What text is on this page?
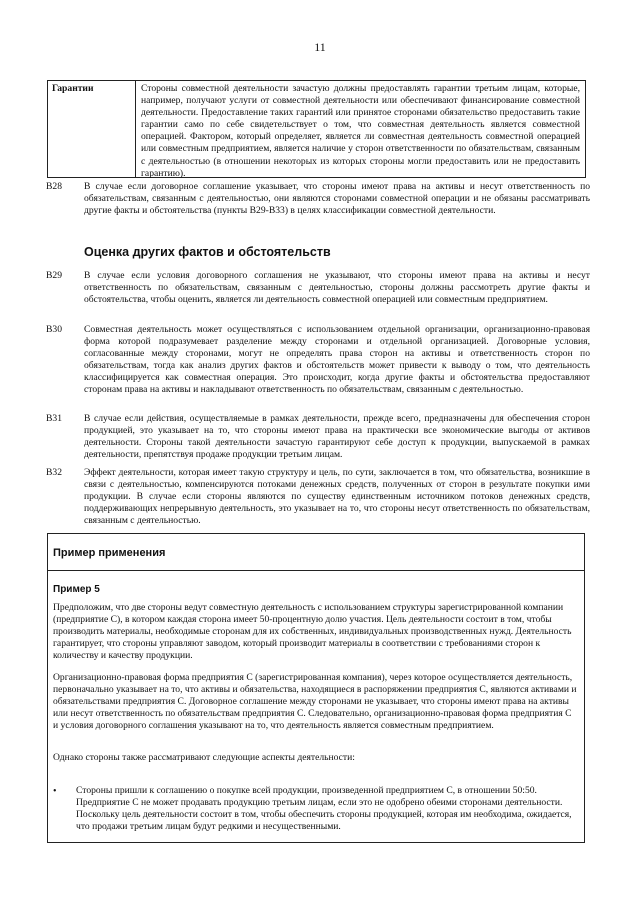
11
Гарантии	Стороны совместной деятельности зачастую должны предоставлять гарантии третьим лицам, которые, например, получают услуги от совместной деятельности или обеспечивают финансирование совместной деятельности. Предоставление таких гарантий или принятое сторонами обязательство предоставить такие гарантии само по себе свидетельствует о том, что совместная деятельность является совместной операцией. Фактором, который определяет, является ли совместная деятельность совместной операцией или совместным предприятием, является наличие у сторон ответственности по обязательствам, связанным с деятельностью (в отношении некоторых из которых стороны могли предоставить или не предоставить гарантию).
B28	В случае если договорное соглашение указывает, что стороны имеют права на активы и несут ответственность по обязательствам, связанным с деятельностью, они являются сторонами совместной операции и не обязаны рассматривать другие факты и обстоятельства (пункты B29-B33) в целях классификации совместной деятельности.
Оценка других фактов и обстоятельств
B29	В случае если условия договорного соглашения не указывают, что стороны имеют права на активы и несут ответственность по обязательствам, связанным с деятельностью, стороны должны рассмотреть другие факты и обстоятельства, чтобы оценить, является ли деятельность совместной операцией или совместным предприятием.
B30	Совместная деятельность может осуществляться с использованием отдельной организации, организационно-правовая форма которой подразумевает разделение между сторонами и отдельной организацией. Договорные условия, согласованные между сторонами, могут не определять права сторон на активы и ответственность сторон по обязательствам, тогда как анализ других фактов и обстоятельств может привести к выводу о том, что деятельность классифицируется как совместная операция. Это происходит, когда другие факты и обстоятельства предоставляют сторонам права на активы и накладывают ответственность по обязательствам, связанным с деятельностью.
B31	В случае если действия, осуществляемые в рамках деятельности, прежде всего, предназначены для обеспечения сторон продукцией, это указывает на то, что стороны имеют права на практически все экономические выгоды от активов деятельности. Стороны такой деятельности зачастую гарантируют себе доступ к продукции, выпускаемой в рамках деятельности, препятствуя продаже продукции третьим лицам.
B32	Эффект деятельности, которая имеет такую структуру и цель, по сути, заключается в том, что обязательства, возникшие в связи с деятельностью, компенсируются потоками денежных средств, полученных от сторон в результате покупки ими продукции. В случае если стороны являются по существу единственным источником потоков денежных средств, поддерживающих непрерывную деятельность, это указывает на то, что стороны несут ответственность по обязательствам, связанным с деятельностью.
Пример применения
Пример 5
Предположим, что две стороны ведут совместную деятельность с использованием структуры зарегистрированной компании (предприятие С), в котором каждая сторона имеет 50-процентную долю участия. Цель деятельности состоит в том, чтобы производить материалы, необходимые сторонам для их собственных, индивидуальных производственных нужд. Деятельность гарантирует, что стороны управляют заводом, который производит материалы в соответствии с требованиями сторон к количеству и качеству продукции.
Организационно-правовая форма предприятия С (зарегистрированная компания), через которое осуществляется деятельность, первоначально указывает на то, что активы и обязательства, находящиеся в распоряжении предприятия С, являются активами и обязательствами предприятия С. Договорное соглашение между сторонами не указывает, что стороны имеют права на активы или несут ответственность по обязательствам предприятия С. Следовательно, организационно-правовая форма предприятия С и условия договорного соглашения указывают на то, что деятельность является совместным предприятием.
Однако стороны также рассматривают следующие аспекты деятельности:
• Стороны пришли к соглашению о покупке всей продукции, произведенной предприятием С, в отношении 50:50. Предприятие С не может продавать продукцию третьим лицам, если это не одобрено обеими сторонами деятельности. Поскольку цель деятельности состоит в том, чтобы обеспечить стороны продукцией, которая им необходима, ожидается, что продажи третьим лицам будут редкими и несущественными.
